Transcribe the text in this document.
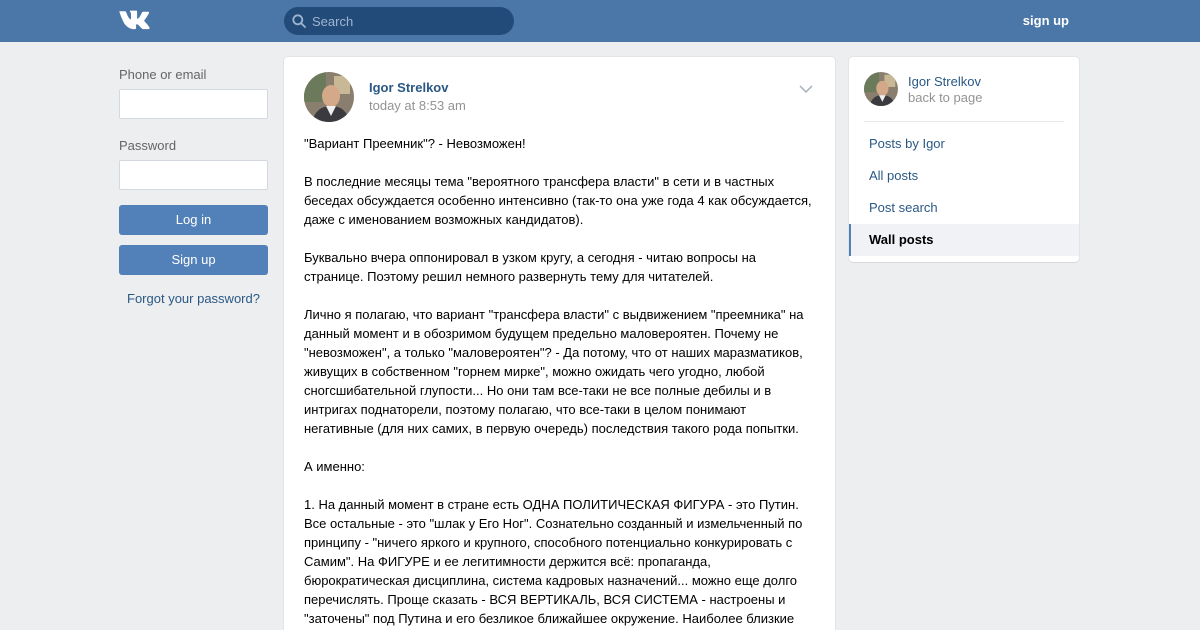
Search
sign up
Phone or email
Password
Log in
Sign up
Forgot your password?
Igor Strelkov
today at 8:53 am

"Вариант Преемник"? - Невозможен!

В последние месяцы тема "вероятного трансфера власти" в сети и в частных беседах обсуждается особенно интенсивно (так-то она уже года 4 как обсуждается, даже с именованием возможных кандидатов).

Буквально вчера оппонировал в узком кругу, а сегодня - читаю вопросы на странице. Поэтому решил немного развернуть тему для читателей.

Лично я полагаю, что вариант "трансфера власти" с выдвижением "преемника" на данный момент и в обозримом будущем предельно маловероятен. Почему не "невозможен", а только "маловероятен"? - Да потому, что от наших маразматиков, живущих в собственном "горнем мирке", можно ожидать чего угодно, любой сногсшибательной глупости... Но они там все-таки не все полные дебилы и в интригах поднаторели, поэтому полагаю, что все-таки в целом понимают негативные (для них самих, в первую очередь) последствия такого рода попытки.

А именно:

1. На данный момент в стране есть ОДНА ПОЛИТИЧЕСКАЯ ФИГУРА - это Путин. Все остальные - это "шлак у Его Ног". Сознательно созданный и измельченный по принципу - "ничего яркого и крупного, способного потенциально конкурировать с Самим". На ФИГУРЕ и ее легитимности держится всё: пропаганда, бюрократическая дисциплина, система кадровых назначений... можно еще долго перечислять. Проще сказать - ВСЯ ВЕРТИКАЛЬ, ВСЯ СИСТЕМА - настроены и "заточены" под Путина и его безликое ближайшее окружение. Наиболее близкие

Igor Strelkov
back to page
Posts by Igor
All posts
Post search
Wall posts
